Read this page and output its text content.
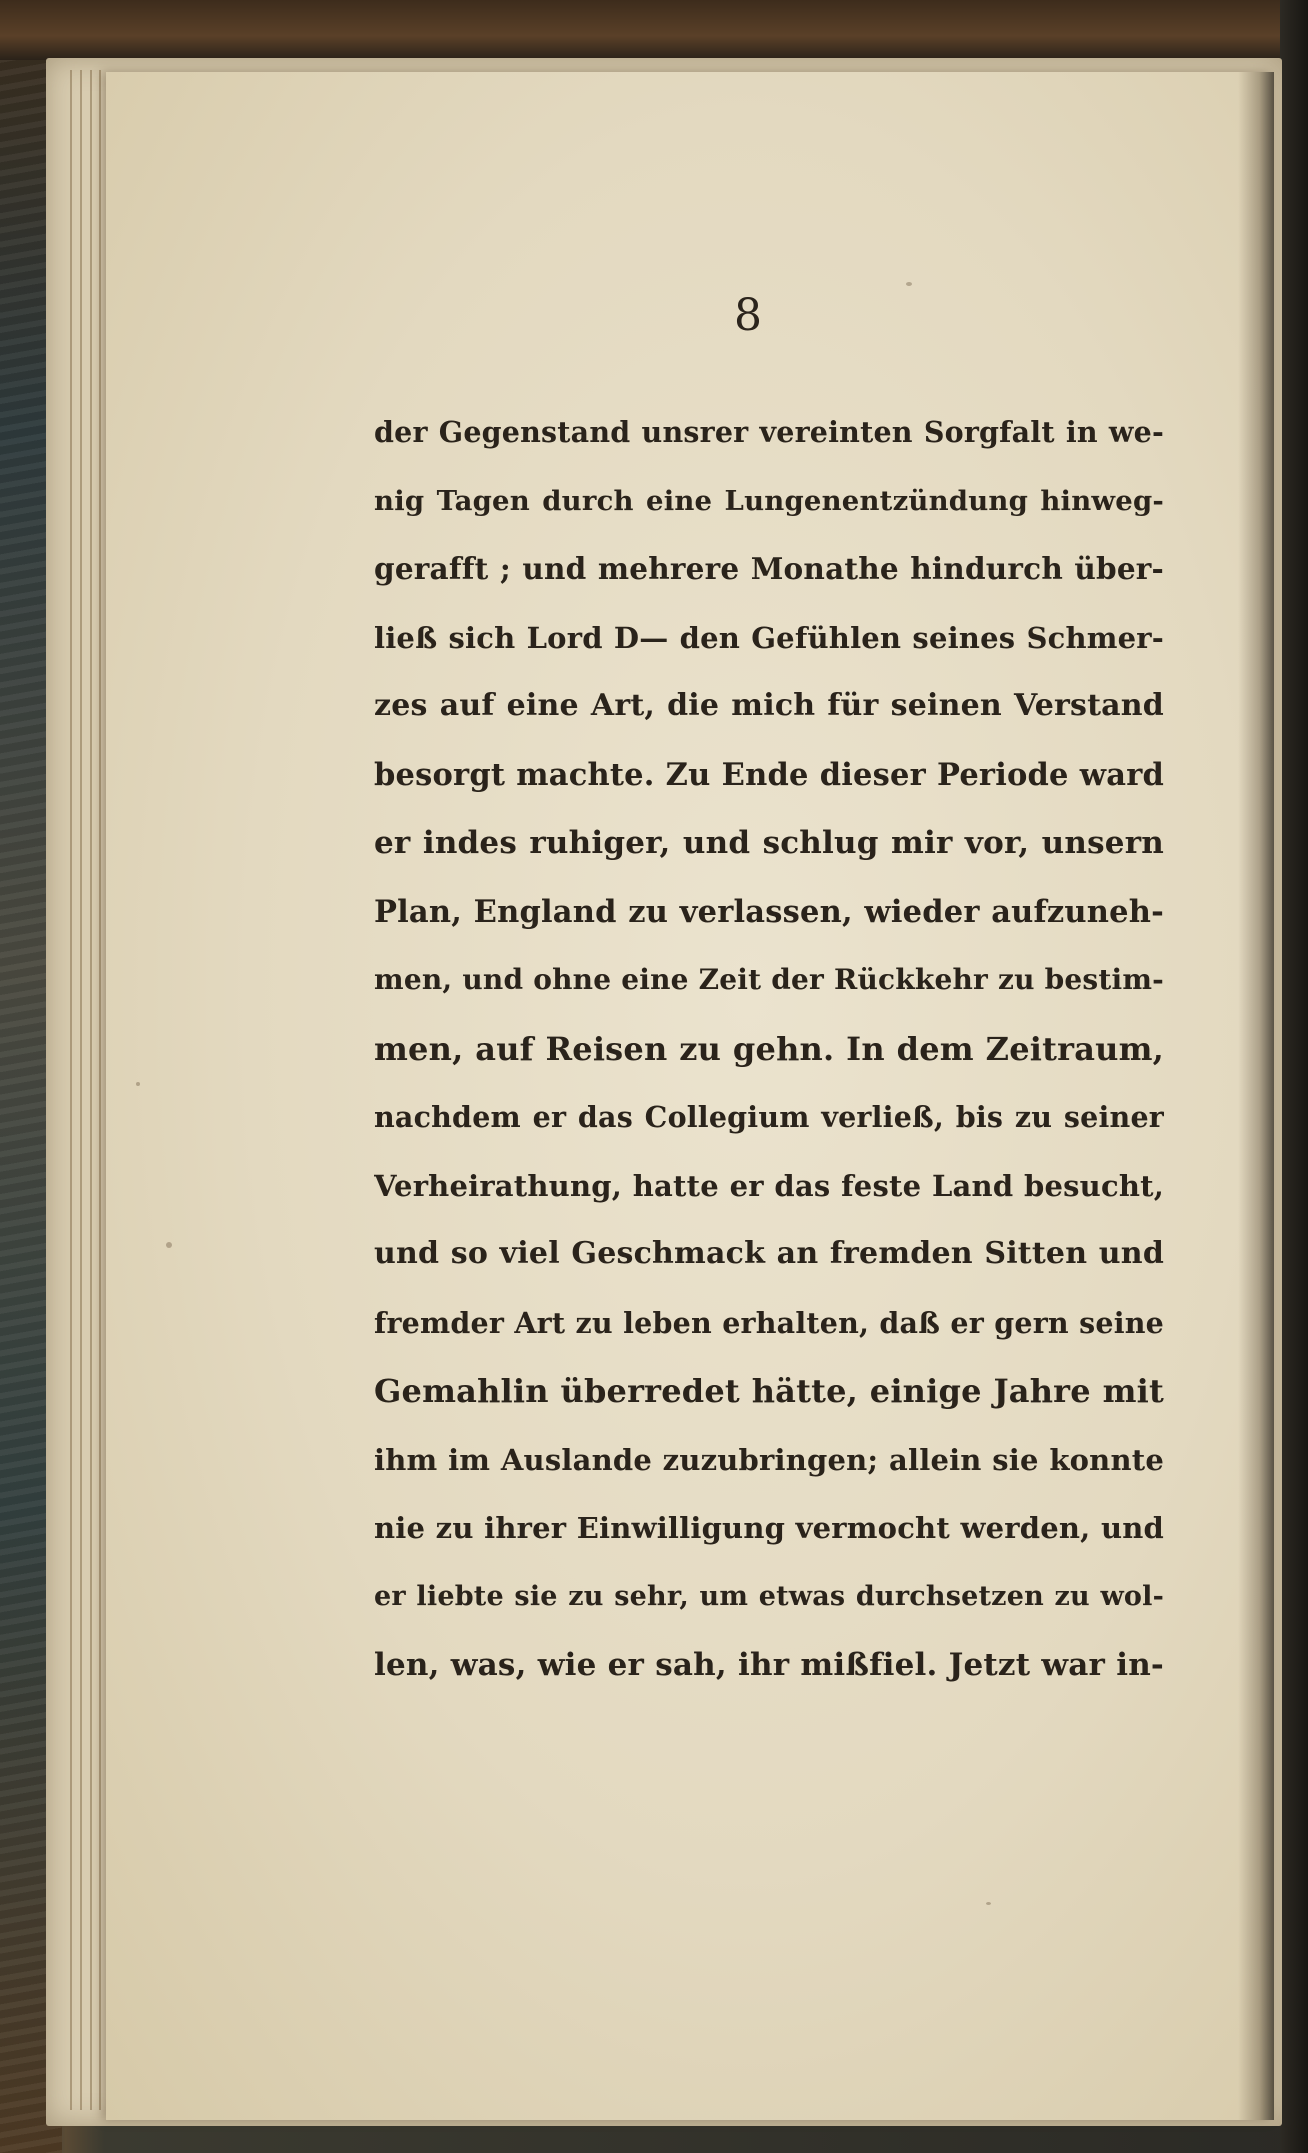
8
der Gegenstand unsrer vereinten Sorgfalt in we-
nig Tagen durch eine Lungenentzündung hinweg-
gerafft ; und mehrere Monathe hindurch über-
ließ sich Lord D— den Gefühlen seines Schmer-
zes auf eine Art, die mich für seinen Verstand
besorgt machte. Zu Ende dieser Periode ward
er indes ruhiger, und schlug mir vor, unsern
Plan, England zu verlassen, wieder aufzuneh-
men, und ohne eine Zeit der Rückkehr zu bestim-
men, auf Reisen zu gehn. In dem Zeitraum,
nachdem er das Collegium verließ, bis zu seiner
Verheirathung, hatte er das feste Land besucht,
und so viel Geschmack an fremden Sitten und
fremder Art zu leben erhalten, daß er gern seine
Gemahlin überredet hätte, einige Jahre mit
ihm im Auslande zuzubringen; allein sie konnte
nie zu ihrer Einwilligung vermocht werden, und
er liebte sie zu sehr, um etwas durchsetzen zu wol-
len, was, wie er sah, ihr mißfiel. Jetzt war in-
